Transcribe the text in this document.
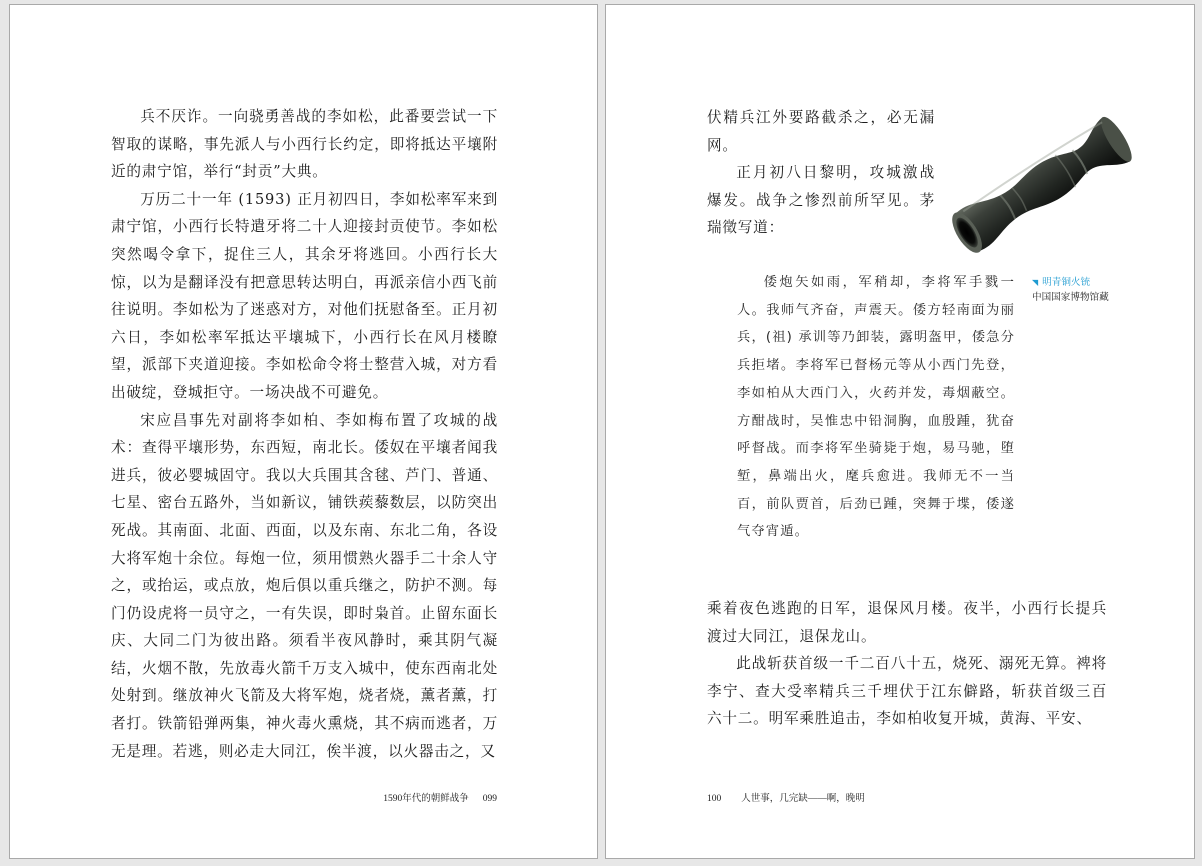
兵不厌诈。一向骁勇善战的李如松，此番要尝试一下智取的谋略，事先派人与小西行长约定，即将抵达平壤附近的肃宁馆，举行“封贡”大典。

万历二十一年 (1593) 正月初四日，李如松率军来到肃宁馆，小西行长特遣牙将二十人迎接封贡使节。李如松突然喝令拿下，捉住三人，其余牙将逃回。小西行长大惊，以为是翻译没有把意思转达明白，再派亲信小西飞前往说明。李如松为了迷惑对方，对他们抚慰备至。正月初六日，李如松率军抵达平壤城下，小西行长在风月楼瞭望，派部下夹道迎接。李如松命令将士整营入城，对方看出破绽，登城拒守。一场决战不可避免。

宋应昌事先对副将李如柏、李如梅布置了攻城的战术：查得平壤形势，东西短，南北长。倭奴在平壤者闻我进兵，彼必婴城固守。我以大兵围其含毬、芦门、普通、七星、密台五路外，当如新议，铺铁蒺藜数层，以防突出死战。其南面、北面、西面，以及东南、东北二角，各设大将军炮十余位。每炮一位，须用惯熟火器手二十余人守之，或抬运，或点放，炮后俱以重兵继之，防护不测。每门仍设虎将一员守之，一有失误，即时枭首。止留东面长庆、大同二门为彼出路。须看半夜风静时，乘其阴气凝结，火烟不散，先放毒火箭千万支入城中，使东西南北处处射到。继放神火飞箭及大将军炮，烧者烧，薰者薰，打者打。铁箭铅弹两集，神火毒火熏烧，其不病而逃者，万无是理。若逃，则必走大同江，俟半渡，以火器击之，又

1590年代的朝鲜战争 099

伏精兵江外要路截杀之，必无漏网。

正月初八日黎明，攻城激战爆发。战争之惨烈前所罕见。茅瑞徵写道：

◥ 明青铜火铳
中国国家博物馆藏

倭炮矢如雨，军稍却，李将军手戮一人。我师气齐奋，声震天。倭方轻南面为丽兵，(祖) 承训等乃卸装，露明盔甲，倭急分兵拒堵。李将军已督杨元等从小西门先登，李如柏从大西门入，火药并发，毒烟蔽空。方酣战时，吴惟忠中铅洞胸，血殷踵，犹奋呼督战。而李将军坐骑毙于炮，易马驰，堕堑，鼻端出火，麾兵愈进。我师无不一当百，前队贾首，后劲已踵，突舞于堞，倭遂气夺宵遁。

乘着夜色逃跑的日军，退保风月楼。夜半，小西行长提兵渡过大同江，退保龙山。

此战斩获首级一千二百八十五，烧死、溺死无算。裨将李宁、查大受率精兵三千埋伏于江东僻路，斩获首级三百六十二。明军乘胜追击，李如柏收复开城，黄海、平安、

100 人世事，几完缺——啊，晚明
